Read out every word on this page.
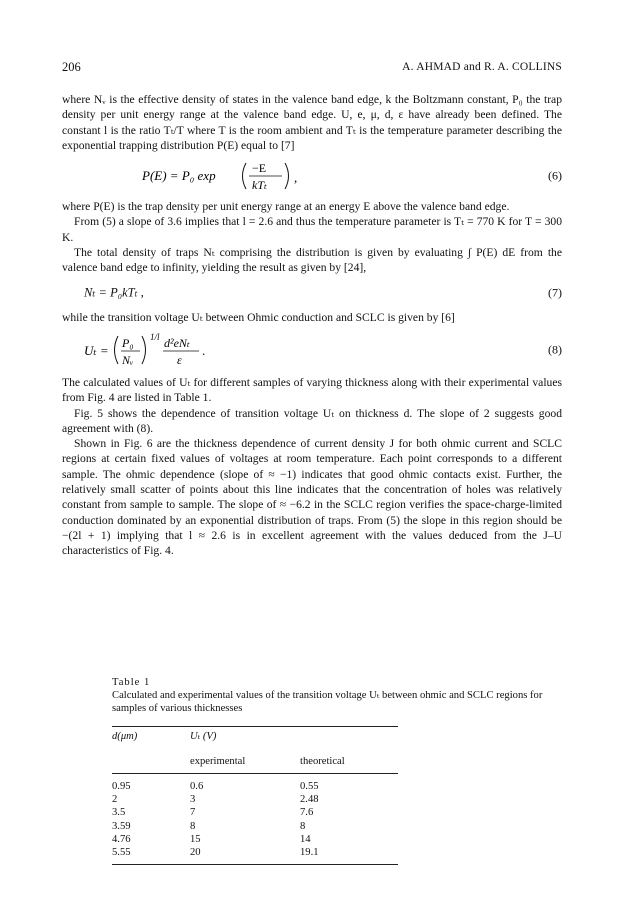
206	A. AHMAD and R. A. COLLINS

where Nᵥ is the effective density of states in the valence band edge, k the Boltzmann constant, P₀ the trap density per unit energy range at the valence band edge. U, e, μ, d, ε have already been defined. The constant l is the ratio Tₜ/T where T is the room ambient and Tₜ is the temperature parameter describing the exponential trapping distribution P(E) equal to [7]

P(E) = P₀ exp	−E
kTₜ ,	(6)

where P(E) is the trap density per unit energy range at an energy E above the valence band edge.

From (5) a slope of 3.6 implies that l = 2.6 and thus the temperature parameter is Tₜ = 770 K for T = 300 K.

The total density of traps Nₜ comprising the distribution is given by evaluating ∫ P(E) dE from the valence band edge to infinity, yielding the result as given by [24],

Nₜ = P₀kTₜ ,	(7)

while the transition voltage Uₜ between Ohmic conduction and SCLC is given by [6]

Uₜ = P₀
Nᵥ
1/l d²eNₜ
ε
.	(8)

The calculated values of Uₜ for different samples of varying thickness along with their experimental values from Fig. 4 are listed in Table 1.

Fig. 5 shows the dependence of transition voltage Uₜ on thickness d. The slope of 2 suggests good agreement with (8).

Shown in Fig. 6 are the thickness dependence of current density J for both ohmic current and SCLC regions at certain fixed values of voltages at room temperature. Each point corresponds to a different sample. The ohmic dependence (slope of ≈ −1) indicates that good ohmic contacts exist. Further, the relatively small scatter of points about this line indicates that the concentration of holes was relatively constant from sample to sample. The slope of ≈ −6.2 in the SCLC region verifies the space-charge-limited conduction dominated by an exponential distribution of traps. From (5) the slope in this region should be −(2l + 1) implying that l ≈ 2.6 is in excellent agreement with the values deduced from the J–U characteristics of Fig. 4.

Table 1
Calculated and experimental values of the transition voltage Uₜ between ohmic and SCLC regions for samples of various thicknesses
d(μm)	Uₜ (V)
experimental	theoretical
0.95	0.6	0.55
2	3	2.48
3.5	7	7.6
3.59	8	8
4.76	15	14
5.55	20	19.1
